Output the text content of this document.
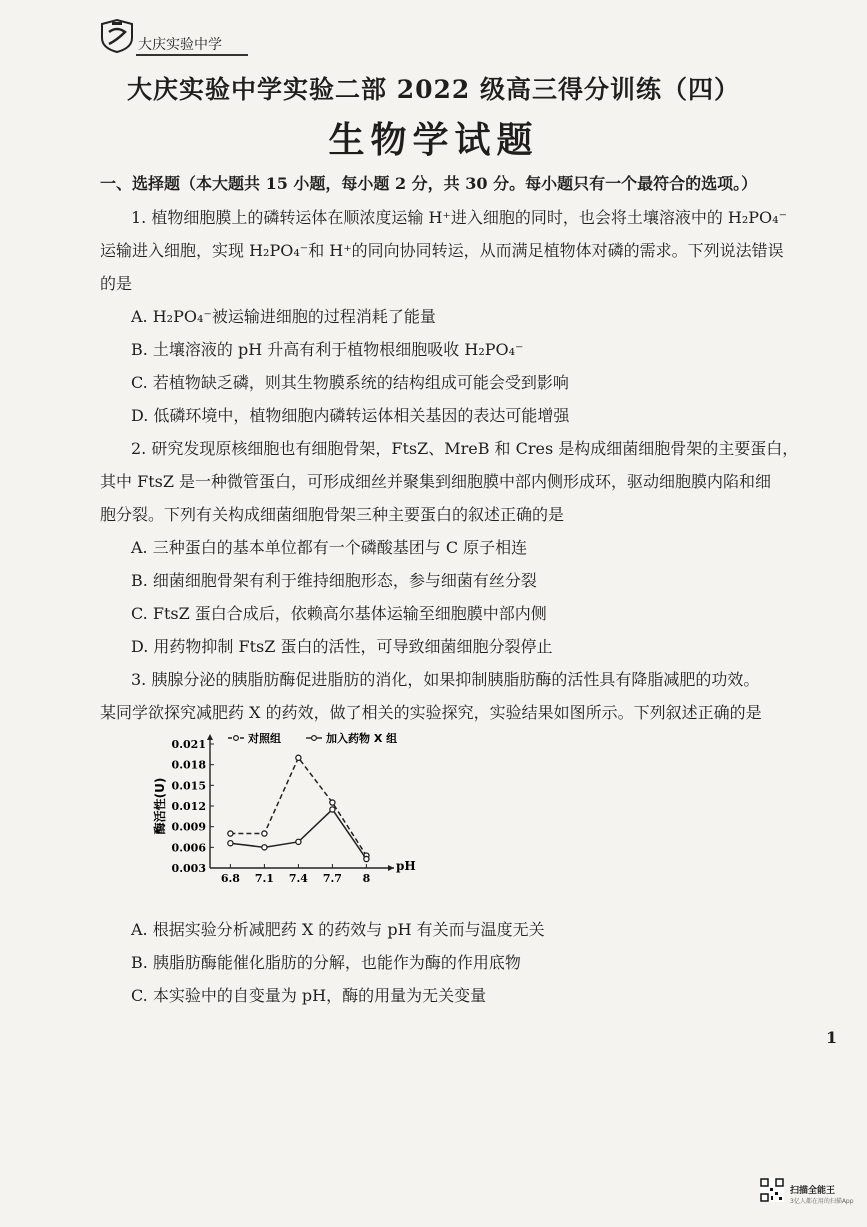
大庆实验中学
大庆实验中学实验二部 2022 级高三得分训练（四）
生物学试题
一、选择题（本大题共 15 小题，每小题 2 分，共 30 分。每小题只有一个最符合的选项。）
1. 植物细胞膜上的磷转运体在顺浓度运输 H⁺进入细胞的同时，也会将土壤溶液中的 H₂PO₄⁻
运输进入细胞，实现 H₂PO₄⁻和 H⁺的同向协同转运，从而满足植物体对磷的需求。下列说法错误
的是
A. H₂PO₄⁻被运输进细胞的过程消耗了能量
B. 土壤溶液的 pH 升高有利于植物根细胞吸收 H₂PO₄⁻
C. 若植物缺乏磷，则其生物膜系统的结构组成可能会受到影响
D. 低磷环境中，植物细胞内磷转运体相关基因的表达可能增强
2. 研究发现原核细胞也有细胞骨架，FtsZ、MreB 和 Cres 是构成细菌细胞骨架的主要蛋白，
其中 FtsZ 是一种微管蛋白，可形成细丝并聚集到细胞膜中部内侧形成环，驱动细胞膜内陷和细
胞分裂。下列有关构成细菌细胞骨架三种主要蛋白的叙述正确的是
A. 三种蛋白的基本单位都有一个磷酸基团与 C 原子相连
B. 细菌细胞骨架有利于维持细胞形态，参与细菌有丝分裂
C. FtsZ 蛋白合成后，依赖高尔基体运输至细胞膜中部内侧
D. 用药物抑制 FtsZ 蛋白的活性，可导致细菌细胞分裂停止
3. 胰腺分泌的胰脂肪酶促进脂肪的消化，如果抑制胰脂肪酶的活性具有降脂减肥的功效。
某同学欲探究减肥药 X 的药效，做了相关的实验探究，实验结果如图所示。下列叙述正确的是
0.003
0.006
0.009
0.012
0.015
0.018
0.021
6.8 7.1 7.4 7.7 8
pH
酶活性(U)
对照组	加入药物 X 组
A. 根据实验分析减肥药 X 的药效与 pH 有关而与温度无关
B. 胰脂肪酶能催化脂肪的分解，也能作为酶的作用底物
C. 本实验中的自变量为 pH，酶的用量为无关变量
1
扫描全能王
3亿人都在用的扫描App
